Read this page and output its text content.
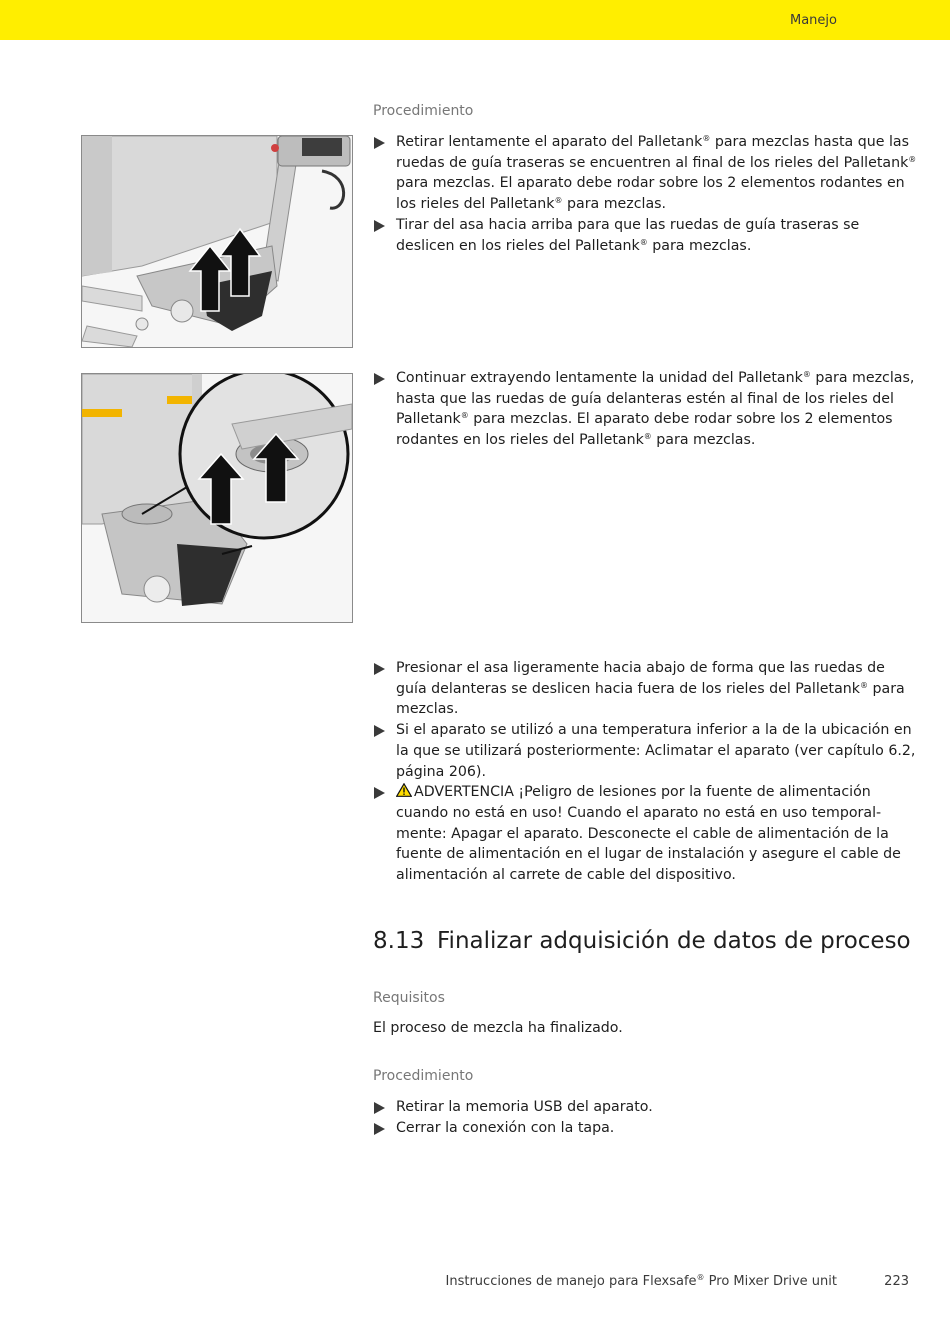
Manejo
Procedimiento
Retirar lentamente el aparato del Palletank® para mezclas hasta que las ruedas de guía traseras se encuentren al final de los rieles del Palletank® para mezclas. El aparato debe rodar sobre los 2 elementos rodantes en los rieles del Palletank® para mezclas.
Tirar del asa hacia arriba para que las ruedas de guía traseras se deslicen en los rieles del Palletank® para mezclas.
Continuar extrayendo lentamente la unidad del Palletank® para mezclas, hasta que las ruedas de guía delanteras estén al final de los rieles del Palletank® para mezclas. El aparato debe rodar sobre los 2 elementos rodantes en los rieles del Palletank® para mezclas.
Presionar el asa ligeramente hacia abajo de forma que las ruedas de guía delanteras se deslicen hacia fuera de los rieles del Palletank® para mezclas.
Si el aparato se utilizó a una temperatura inferior a la de la ubicación en la que se utilizará posteriormente: Aclimatar el aparato (ver capítulo 6.2, página 206).
ADVERTENCIA ¡Peligro de lesiones por la fuente de alimentación cuando no está en uso! Cuando el aparato no está en uso temporal-mente: Apagar el aparato. Desconecte el cable de alimentación de la fuente de alimentación en el lugar de instalación y asegure el cable de alimentación al carrete de cable del dispositivo.
8.13 Finalizar adquisición de datos de proceso
Requisitos
El proceso de mezcla ha finalizado.
Procedimiento
Retirar la memoria USB del aparato.
Cerrar la conexión con la tapa.
Instrucciones de manejo para Flexsafe® Pro Mixer Drive unit	223
